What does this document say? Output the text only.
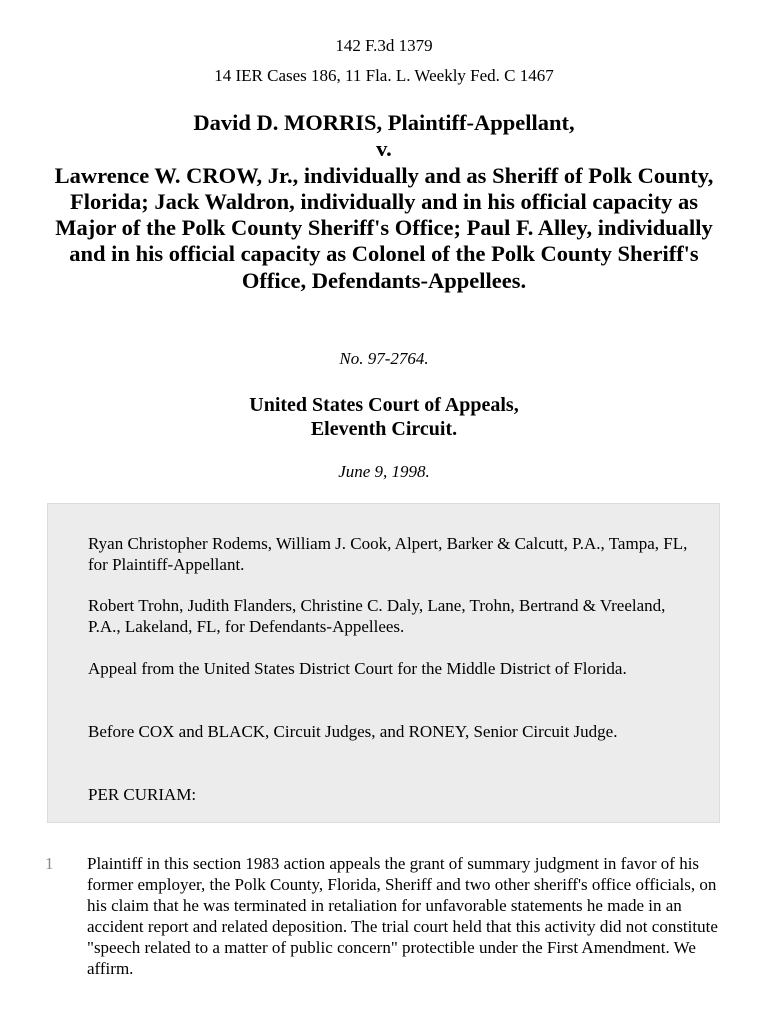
142 F.3d 1379
14 IER Cases 186, 11 Fla. L. Weekly Fed. C 1467
David D. MORRIS, Plaintiff-Appellant,
v.
Lawrence W. CROW, Jr., individually and as Sheriff of Polk County, Florida; Jack Waldron, individually and in his official capacity as Major of the Polk County Sheriff's Office; Paul F. Alley, individually and in his official capacity as Colonel of the Polk County Sheriff's Office, Defendants-Appellees.
No. 97-2764.
United States Court of Appeals,
Eleventh Circuit.
June 9, 1998.

Ryan Christopher Rodems, William J. Cook, Alpert, Barker & Calcutt, P.A., Tampa, FL, for Plaintiff-Appellant.

Robert Trohn, Judith Flanders, Christine C. Daly, Lane, Trohn, Bertrand & Vreeland, P.A., Lakeland, FL, for Defendants-Appellees.

Appeal from the United States District Court for the Middle District of Florida.

Before COX and BLACK, Circuit Judges, and RONEY, Senior Circuit Judge.

PER CURIAM:

1 Plaintiff in this section 1983 action appeals the grant of summary judgment in favor of his former employer, the Polk County, Florida, Sheriff and two other sheriff's office officials, on his claim that he was terminated in retaliation for unfavorable statements he made in an accident report and related deposition. The trial court held that this activity did not constitute "speech related to a matter of public concern" protectible under the First Amendment. We affirm.
